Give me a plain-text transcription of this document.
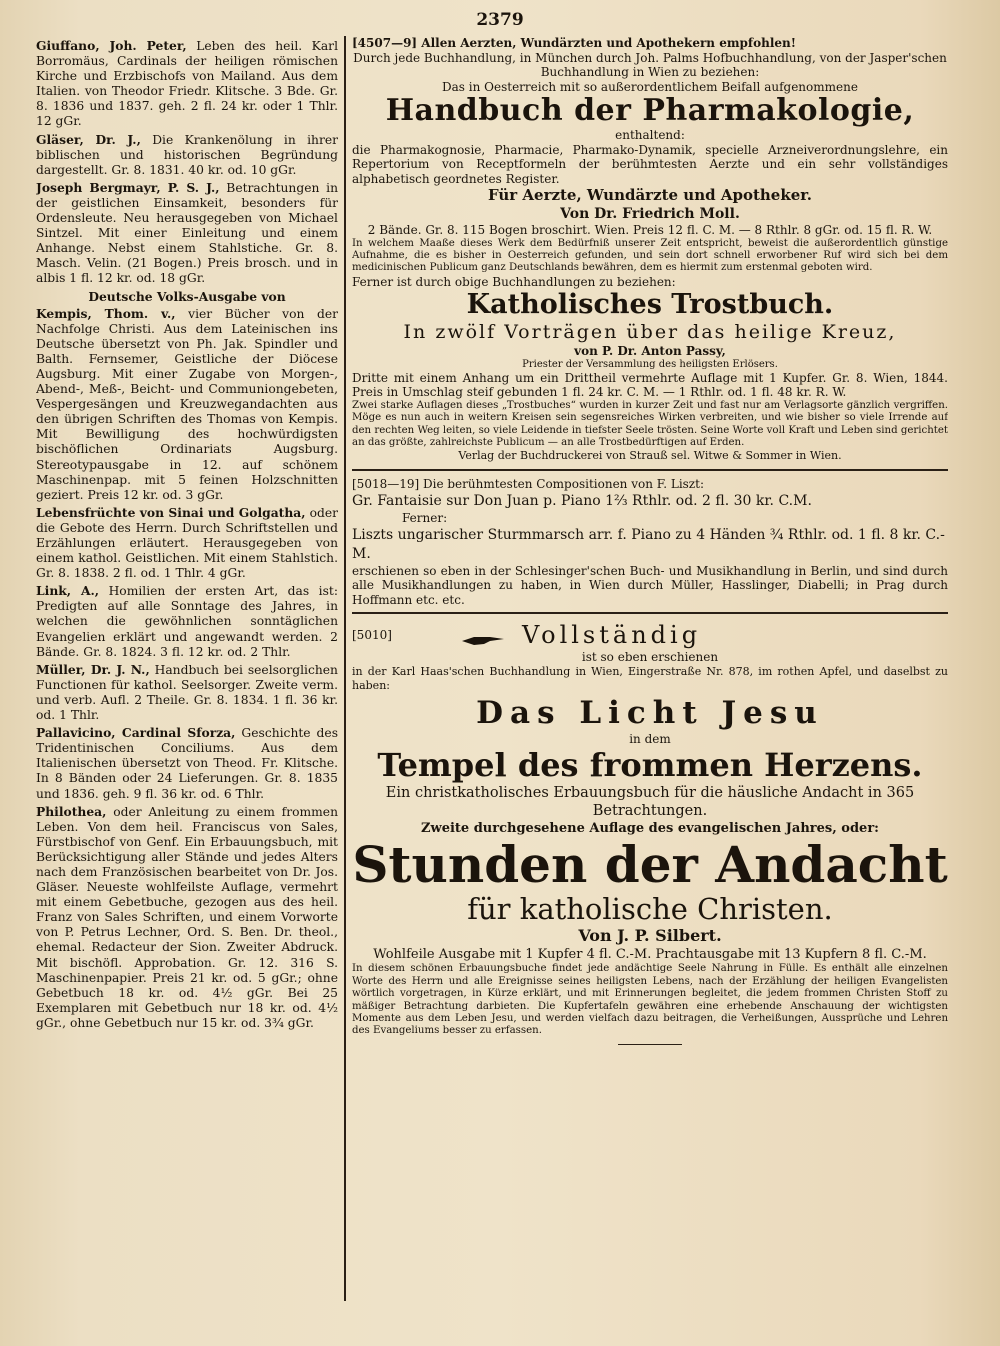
2379

Giuffano, Joh. Peter, Leben des heil. Karl Borromäus, Cardinals der heiligen römischen Kirche und Erzbischofs von Mailand. Aus dem Italien. von Theodor Friedr. Klitsche. 3 Bde. Gr. 8. 1836 und 1837. geh. 2 fl. 24 kr. oder 1 Thlr. 12 gGr.

Gläser, Dr. J., Die Krankenölung in ihrer biblischen und historischen Begründung dargestellt. Gr. 8. 1831. 40 kr. od. 10 gGr.

Joseph Bergmayr, P. S. J., Betrachtungen in der geistlichen Einsamkeit, besonders für Ordensleute. Neu herausgegeben von Michael Sintzel. Mit einer Einleitung und einem Anhange. Nebst einem Stahlstiche. Gr. 8. Masch. Velin. (21 Bogen.) Preis brosch. und in albis 1 fl. 12 kr. od. 18 gGr.

Deutsche Volks-Ausgabe von

Kempis, Thom. v., vier Bücher von der Nachfolge Christi. Aus dem Lateinischen ins Deutsche übersetzt von Ph. Jak. Spindler und Balth. Fernsemer, Geistliche der Diöcese Augsburg. Mit einer Zugabe von Morgen-, Abend-, Meß-, Beicht- und Communiongebeten, Vespergesängen und Kreuzwegandachten aus den übrigen Schriften des Thomas von Kempis. Mit Bewilligung des hochwürdigsten bischöflichen Ordinariats Augsburg. Stereotypausgabe in 12. auf schönem Maschinenpap. mit 5 feinen Holzschnitten geziert. Preis 12 kr. od. 3 gGr.

Lebensfrüchte von Sinai und Golgatha, oder die Gebote des Herrn. Durch Schriftstellen und Erzählungen erläutert. Herausgegeben von einem kathol. Geistlichen. Mit einem Stahlstich. Gr. 8. 1838. 2 fl. od. 1 Thlr. 4 gGr.

Link, A., Homilien der ersten Art, das ist: Predigten auf alle Sonntage des Jahres, in welchen die gewöhnlichen sonntäglichen Evangelien erklärt und angewandt werden. 2 Bände. Gr. 8. 1824. 3 fl. 12 kr. od. 2 Thlr.

Müller, Dr. J. N., Handbuch bei seelsorglichen Functionen für kathol. Seelsorger. Zweite verm. und verb. Aufl. 2 Theile. Gr. 8. 1834. 1 fl. 36 kr. od. 1 Thlr.

Pallavicino, Cardinal Sforza, Geschichte des Tridentinischen Conciliums. Aus dem Italienischen übersetzt von Theod. Fr. Klitsche. In 8 Bänden oder 24 Lieferungen. Gr. 8. 1835 und 1836. geh. 9 fl. 36 kr. od. 6 Thlr.

Philothea, oder Anleitung zu einem frommen Leben. Von dem heil. Franciscus von Sales, Fürstbischof von Genf. Ein Erbauungsbuch, mit Berücksichtigung aller Stände und jedes Alters nach dem Französischen bearbeitet von Dr. Jos. Gläser. Neueste wohlfeilste Auflage, vermehrt mit einem Gebetbuche, gezogen aus des heil. Franz von Sales Schriften, und einem Vorworte von P. Petrus Lechner, Ord. S. Ben. Dr. theol., ehemal. Redacteur der Sion. Zweiter Abdruck. Mit bischöfl. Approbation. Gr. 12. 316 S. Maschinenpapier. Preis 21 kr. od. 5 gGr.; ohne Gebetbuch 18 kr. od. 4½ gGr. Bei 25 Exemplaren mit Gebetbuch nur 18 kr. od. 4½ gGr., ohne Gebetbuch nur 15 kr. od. 3¾ gGr.

[4507—9] Allen Aerzten, Wundärzten und Apothekern empfohlen!

Durch jede Buchhandlung, in München durch Joh. Palms Hofbuchhandlung, von der Jasper'schen Buchhandlung in Wien zu beziehen:

Das in Oesterreich mit so außerordentlichem Beifall aufgenommene

Handbuch der Pharmakologie,

enthaltend:

die Pharmakognosie, Pharmacie, Pharmako-Dynamik, specielle Arzneiverordnungslehre, ein Repertorium von Receptformeln der berühmtesten Aerzte und ein sehr vollständiges alphabetisch geordnetes Register.

Für Aerzte, Wundärzte und Apotheker.

Von Dr. Friedrich Moll.

2 Bände. Gr. 8. 115 Bogen broschirt. Wien. Preis 12 fl. C. M. — 8 Rthlr. 8 gGr. od. 15 fl. R. W.

In welchem Maaße dieses Werk dem Bedürfniß unserer Zeit entspricht, beweist die außerordentlich günstige Aufnahme, die es bisher in Oesterreich gefunden, und sein dort schnell erworbener Ruf wird sich bei dem medicinischen Publicum ganz Deutschlands bewähren, dem es hiermit zum erstenmal geboten wird.

Ferner ist durch obige Buchhandlungen zu beziehen:

Katholisches Trostbuch.

In zwölf Vorträgen über das heilige Kreuz,

von P. Dr. Anton Passy,

Priester der Versammlung des heiligsten Erlösers.

Dritte mit einem Anhang um ein Drittheil vermehrte Auflage mit 1 Kupfer. Gr. 8. Wien, 1844. Preis in Umschlag steif gebunden 1 fl. 24 kr. C. M. — 1 Rthlr. od. 1 fl. 48 kr. R. W.

Zwei starke Auflagen dieses „Trostbuches“ wurden in kurzer Zeit und fast nur am Verlagsorte gänzlich vergriffen. Möge es nun auch in weitern Kreisen sein segensreiches Wirken verbreiten, und wie bisher so viele Irrende auf den rechten Weg leiten, so viele Leidende in tiefster Seele trösten. Seine Worte voll Kraft und Leben sind gerichtet an das größte, zahlreichste Publicum — an alle Trostbedürftigen auf Erden.

Verlag der Buchdruckerei von Strauß sel. Witwe & Sommer in Wien.

[5018—19] Die berühmtesten Compositionen von F. Liszt:

Gr. Fantaisie sur Don Juan p. Piano 1⅔ Rthlr. od. 2 fl. 30 kr. C.M.

Ferner:

Liszts ungarischer Sturmmarsch arr. f. Piano zu 4 Händen ¾ Rthlr. od. 1 fl. 8 kr. C.-M.

erschienen so eben in der Schlesinger'schen Buch- und Musikhandlung in Berlin, und sind durch alle Musikhandlungen zu haben, in Wien durch Müller, Hasslinger, Diabelli; in Prag durch Hoffmann etc. etc.

[5010]	Vollständig

ist so eben erschienen

in der Karl Haas'schen Buchhandlung in Wien, Eingerstraße Nr. 878, im rothen Apfel, und daselbst zu haben:

Das Licht Jesu

in dem

Tempel des frommen Herzens.

Ein christkatholisches Erbauungsbuch für die häusliche Andacht in 365 Betrachtungen.

Zweite durchgesehene Auflage des evangelischen Jahres, oder:

Stunden der Andacht

für katholische Christen.

Von J. P. Silbert.

Wohlfeile Ausgabe mit 1 Kupfer 4 fl. C.-M. Prachtausgabe mit 13 Kupfern 8 fl. C.-M.

In diesem schönen Erbauungsbuche findet jede andächtige Seele Nahrung in Fülle. Es enthält alle einzelnen Worte des Herrn und alle Ereignisse seines heiligsten Lebens, nach der Erzählung der heiligen Evangelisten wörtlich vorgetragen, in Kürze erklärt, und mit Erinnerungen begleitet, die jedem frommen Christen Stoff zu mäßiger Betrachtung darbieten. Die Kupfertafeln gewähren eine erhebende Anschauung der wichtigsten Momente aus dem Leben Jesu, und werden vielfach dazu beitragen, die Verheißungen, Aussprüche und Lehren des Evangeliums besser zu erfassen.
